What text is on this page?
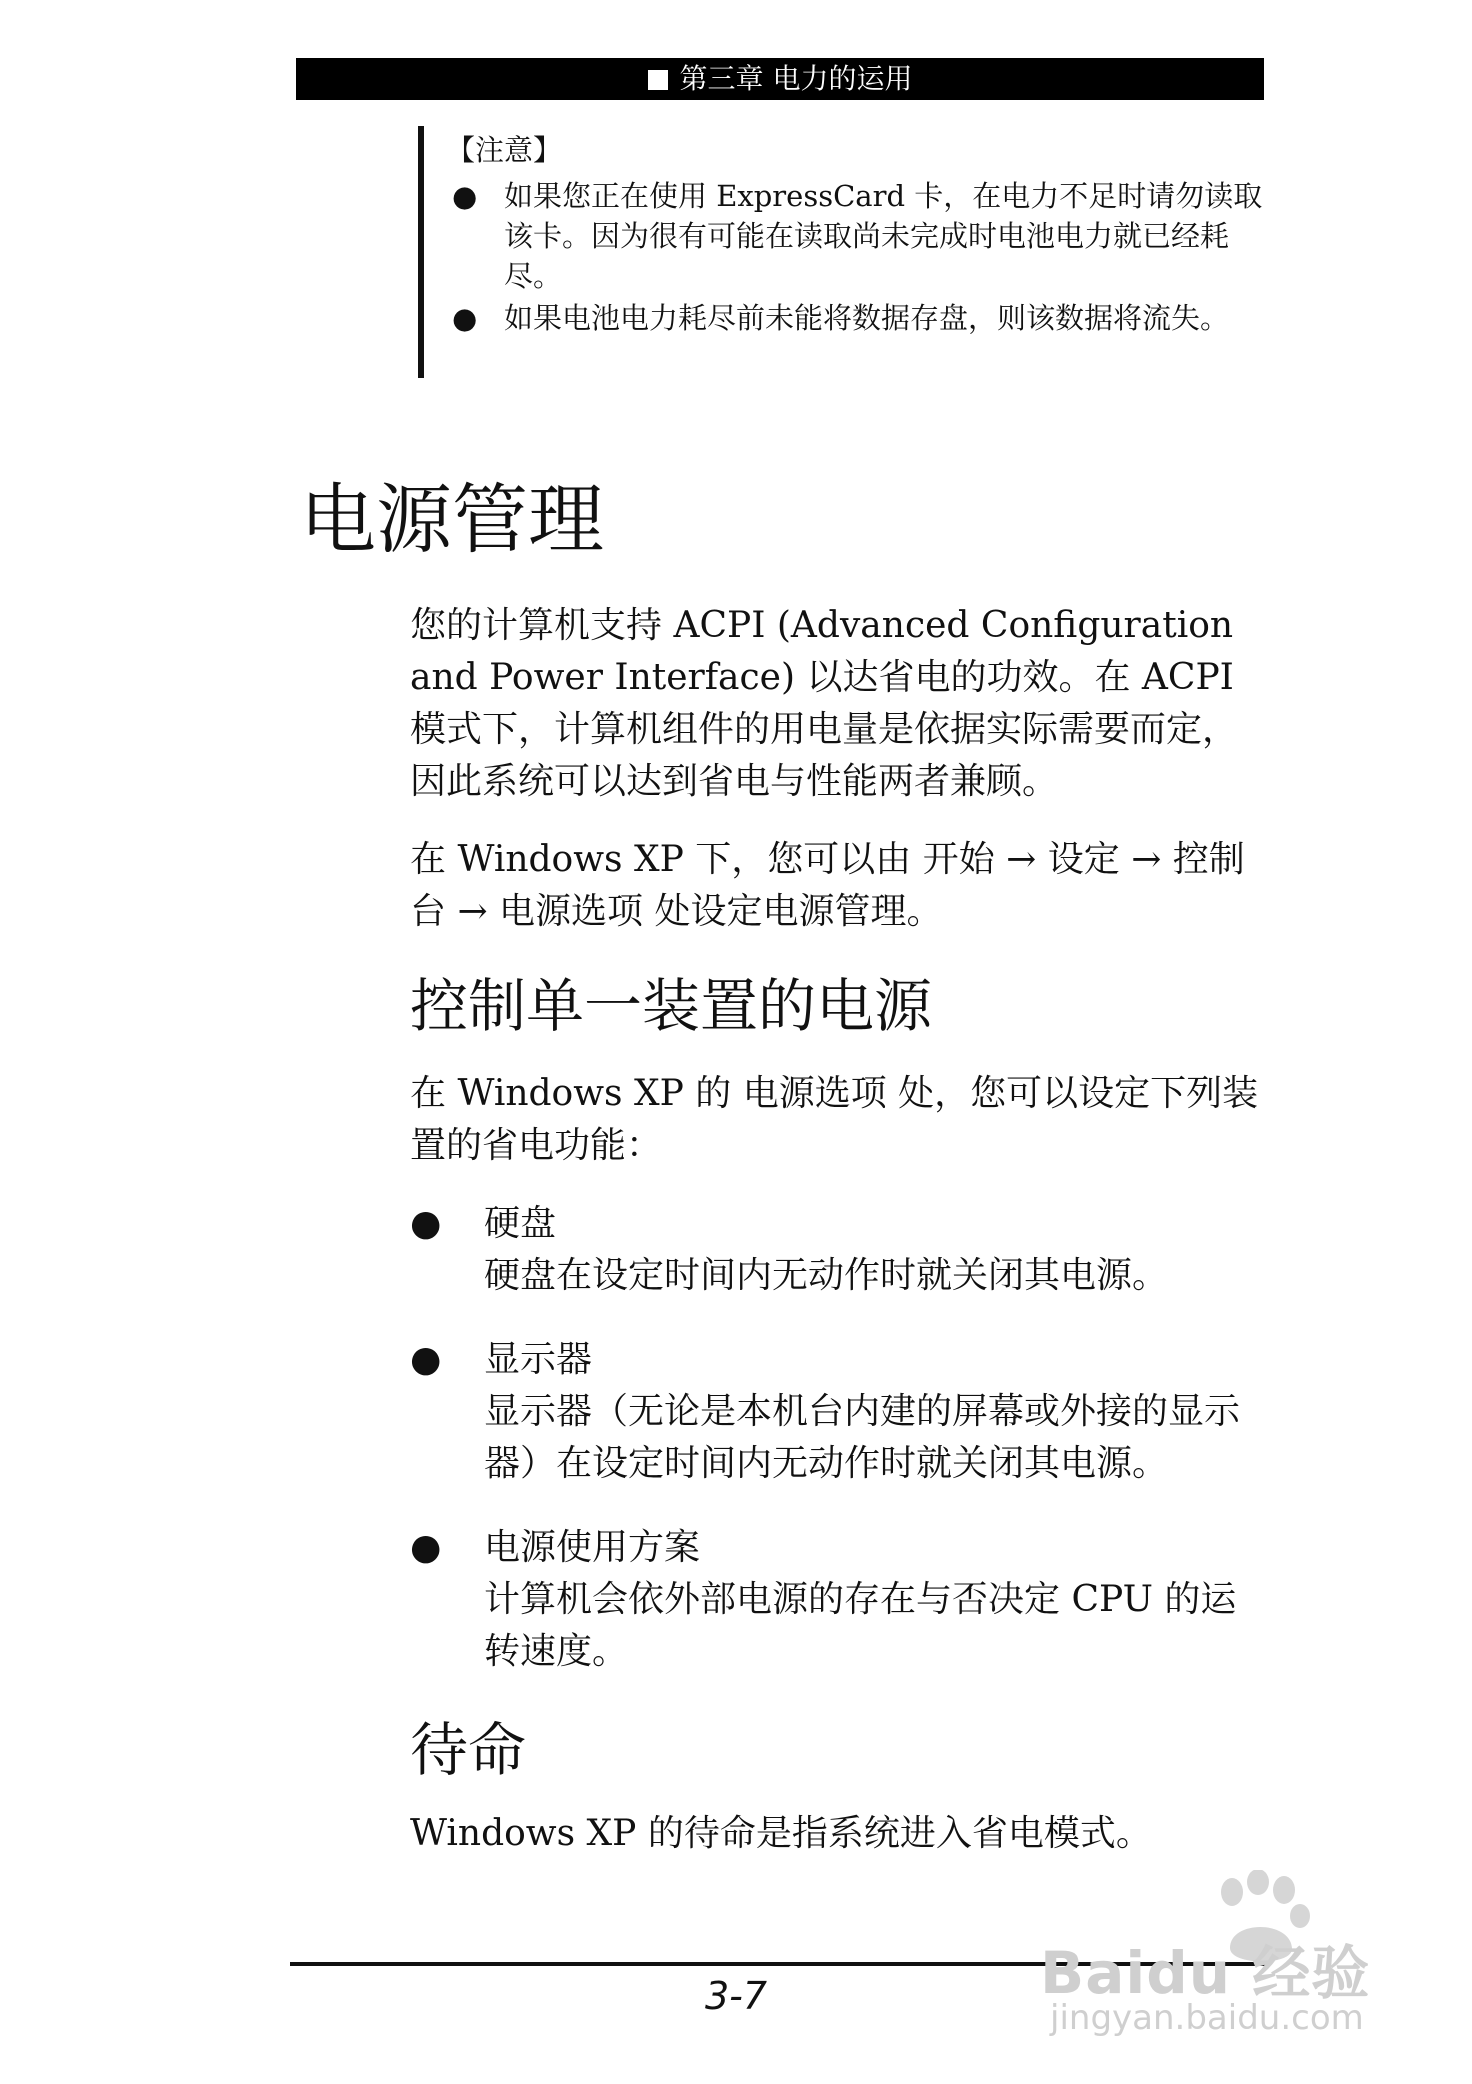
第三章 电力的运用
【注意】
● 如果您正在使用 ExpressCard 卡，在电力不足时请勿读取该卡。因为很有可能在读取尚未完成时电池电力就已经耗尽。
● 如果电池电力耗尽前未能将数据存盘，则该数据将流失。
电源管理

您的计算机支持 ACPI (Advanced Configuration and Power Interface) 以达省电的功效。在 ACPI 模式下，计算机组件的用电量是依据实际需要而定，因此系统可以达到省电与性能两者兼顾。

在 Windows XP 下，您可以由 开始 → 设定 → 控制台 → 电源选项 处设定电源管理。

控制单一装置的电源

在 Windows XP 的 电源选项 处，您可以设定下列装置的省电功能：

● 硬盘
硬盘在设定时间内无动作时就关闭其电源。
● 显示器
显示器（无论是本机台内建的屏幕或外接的显示器）在设定时间内无动作时就关闭其电源。
● 电源使用方案
计算机会依外部电源的存在与否决定 CPU 的运转速度。
待命

Windows XP 的待命是指系统进入省电模式。

3-7	Baidu 经验
jingyan.baidu.com
